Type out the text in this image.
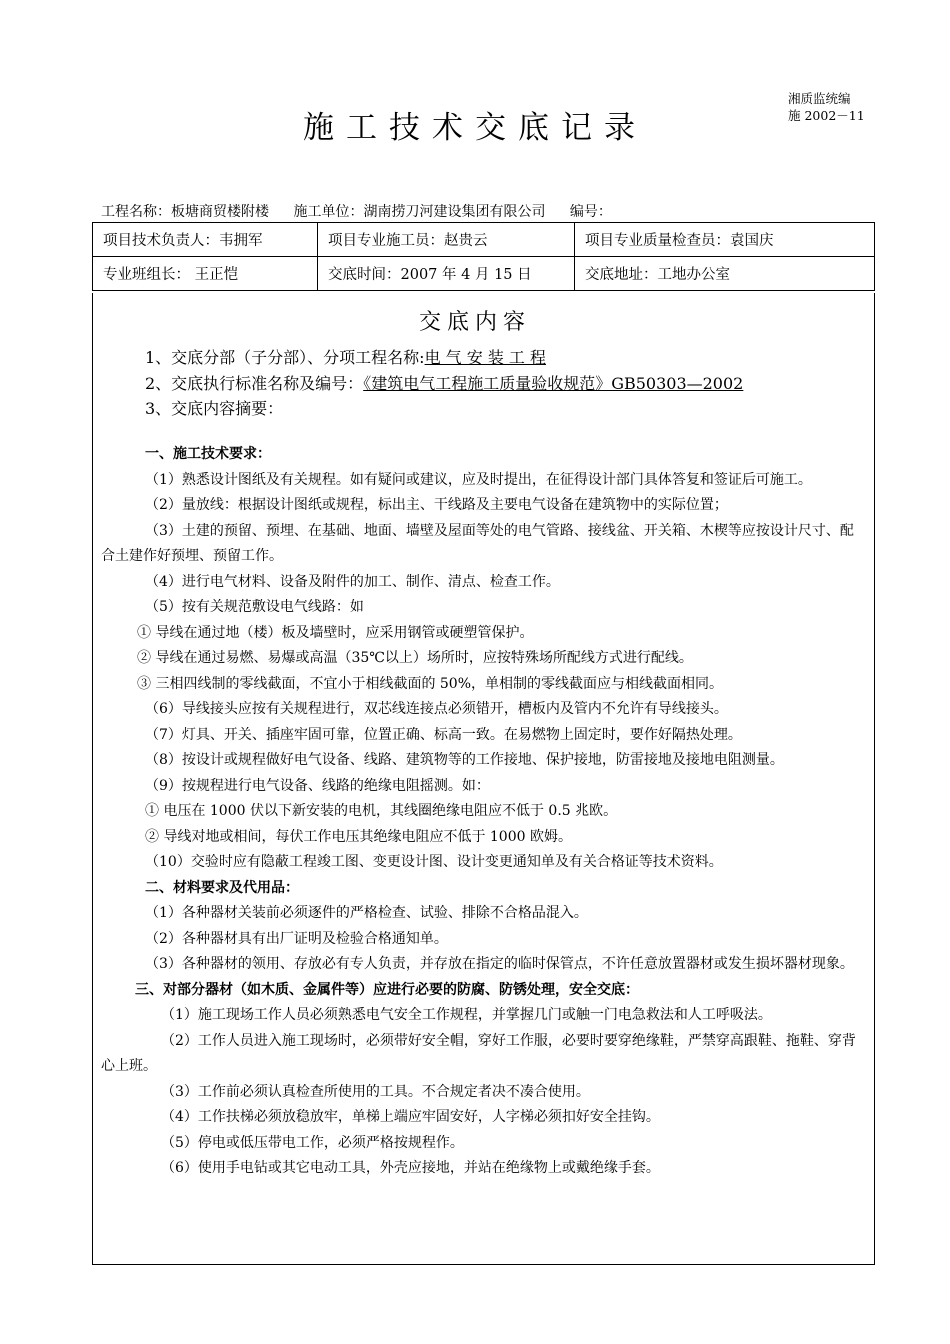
湘质监统编
施 2002－11
施工技术交底记录
工程名称：板塘商贸楼附楼 施工单位：湖南捞刀河建设集团有限公司 编号：
项目技术负责人：韦拥军	项目专业施工员：赵贵云	项目专业质量检查员：袁国庆
专业班组长： 王正恺	交底时间：2007 年 4 月 15 日	交底地址：工地办公室
交底内容
1、交底分部（子分部）、分项工程名称:电 气 安 装 工 程
2、交底执行标准名称及编号：《建筑电气工程施工质量验收规范》GB50303—2002
3、交底内容摘要：
一、施工技术要求：
（1）熟悉设计图纸及有关规程。如有疑问或建议，应及时提出，在征得设计部门具体答复和签证后可施工。
（2）量放线：根据设计图纸或规程，标出主、干线路及主要电气设备在建筑物中的实际位置；
（3）土建的预留、预埋、在基础、地面、墙壁及屋面等处的电气管路、接线盆、开关箱、木楔等应按设计尺寸、配合土建作好预埋、预留工作。
（4）进行电气材料、设备及附件的加工、制作、清点、检查工作。
（5）按有关规范敷设电气线路：如
① 导线在通过地（楼）板及墙壁时，应采用钢管或硬塑管保护。
② 导线在通过易燃、易爆或高温（35℃以上）场所时，应按特殊场所配线方式进行配线。
③ 三相四线制的零线截面，不宜小于相线截面的 50%，单相制的零线截面应与相线截面相同。
（6）导线接头应按有关规程进行，双芯线连接点必须错开，槽板内及管内不允许有导线接头。
（7）灯具、开关、插座牢固可靠，位置正确、标高一致。在易燃物上固定时，要作好隔热处理。
（8）按设计或规程做好电气设备、线路、建筑物等的工作接地、保护接地，防雷接地及接地电阻测量。
（9）按规程进行电气设备、线路的绝缘电阻摇测。如：
① 电压在 1000 伏以下新安装的电机，其线圈绝缘电阻应不低于 0.5 兆欧。
② 导线对地或相间，每伏工作电压其绝缘电阻应不低于 1000 欧姆。
（10）交验时应有隐蔽工程竣工图、变更设计图、设计变更通知单及有关合格证等技术资料。
二、材料要求及代用品：
（1）各种器材关装前必须逐件的严格检查、试验、排除不合格品混入。
（2）各种器材具有出厂证明及检验合格通知单。
（3）各种器材的领用、存放必有专人负责，并存放在指定的临时保管点，不许任意放置器材或发生损坏器材现象。
三、对部分器材（如木质、金属件等）应进行必要的防腐、防锈处理，安全交底：
（1）施工现场工作人员必须熟悉电气安全工作规程，并掌握几门或触一门电急救法和人工呼吸法。
（2）工作人员进入施工现场时，必须带好安全帽，穿好工作服，必要时要穿绝缘鞋，严禁穿高跟鞋、拖鞋、穿背心上班。
（3）工作前必须认真检查所使用的工具。不合规定者决不凑合使用。
（4）工作扶梯必须放稳放牢，单梯上端应牢固安好，人字梯必须扣好安全挂钩。
（5）停电或低压带电工作，必须严格按规程作。
（6）使用手电钻或其它电动工具，外壳应接地，并站在绝缘物上或戴绝缘手套。
